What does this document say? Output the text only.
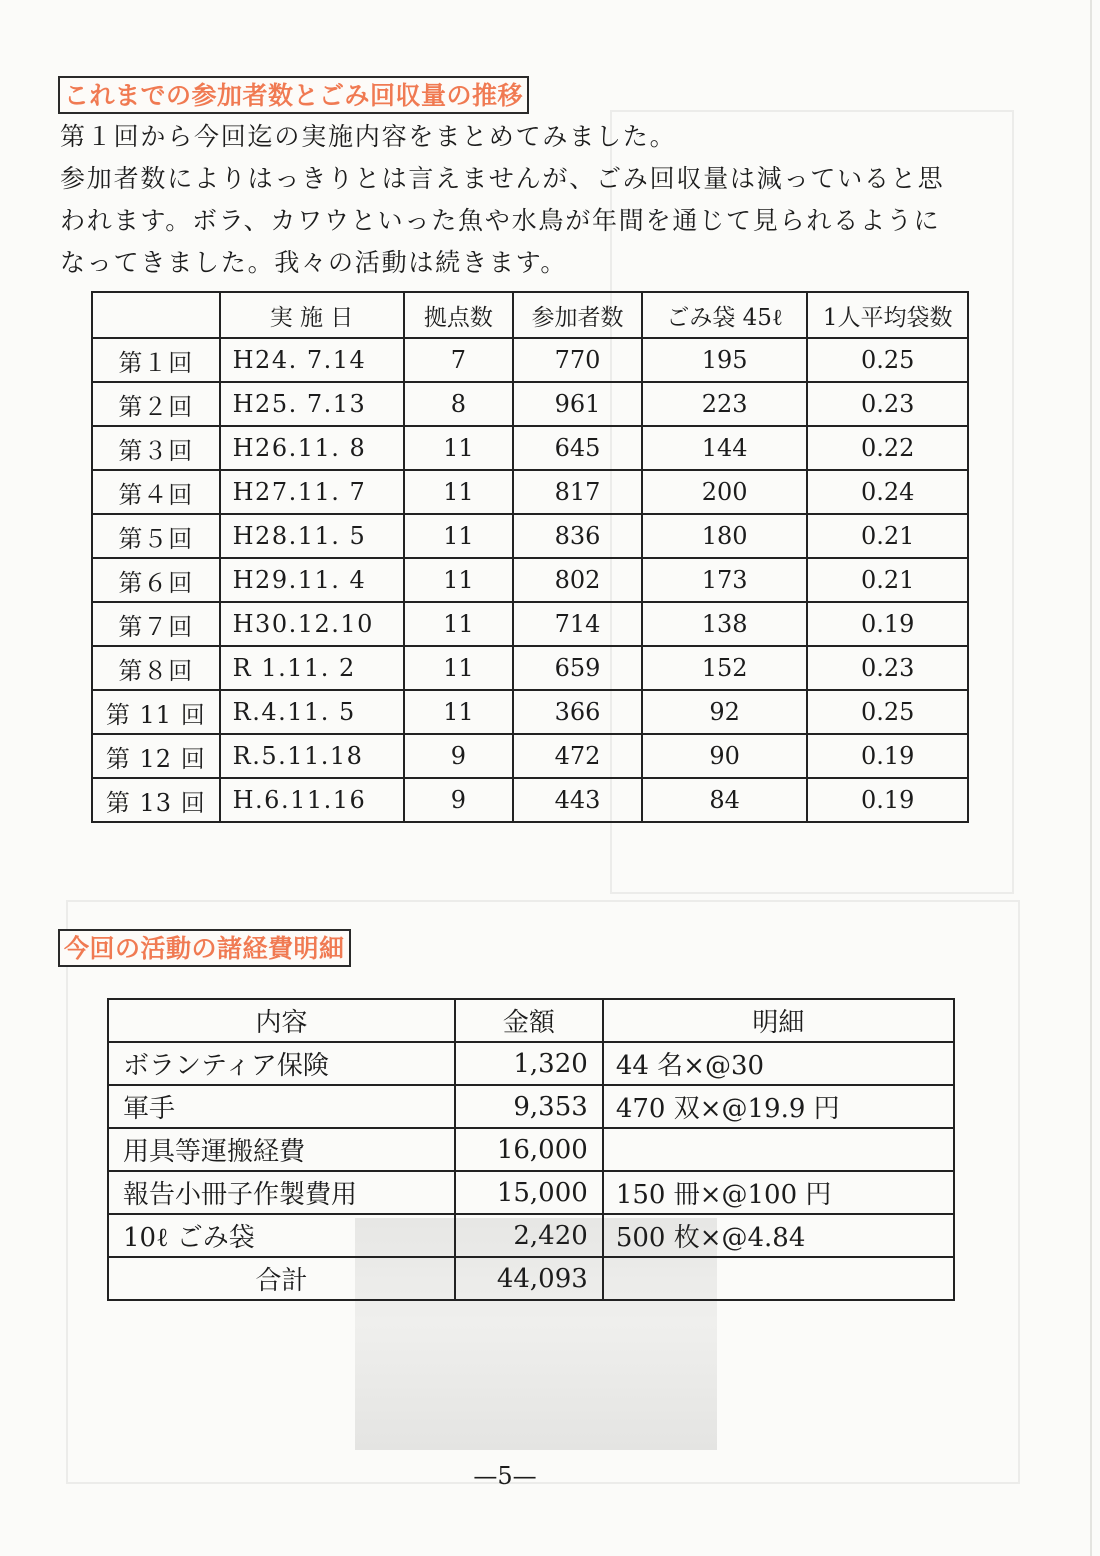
これまでの参加者数とごみ回収量の推移

第１回から今回迄の実施内容をまとめてみました。

参加者数によりはっきりとは言えませんが、ごみ回収量は減っていると思

われます。ボラ、カワウといった魚や水鳥が年間を通じて見られるように

なってきました。我々の活動は続きます。

	実 施 日	拠点数	参加者数	ごみ袋 45ℓ	1人平均袋数
第１回	H24. 7.14	7	770	195	0.25
第２回	H25. 7.13	8	961	223	0.23
第３回	H26.11. 8	11	645	144	0.22
第４回	H27.11. 7	11	817	200	0.24
第５回	H28.11. 5	11	836	180	0.21
第６回	H29.11. 4	11	802	173	0.21
第７回	H30.12.10	11	714	138	0.19
第８回	R 1.11. 2	11	659	152	0.23
第 11 回	R.4.11. 5	11	366	92	0.25
第 12 回	R.5.11.18	9	472	90	0.19
第 13 回	H.6.11.16	9	443	84	0.19
今回の活動の諸経費明細
内容	金額	明細
ボランティア保険	1,320	44 名×@30
軍手	9,353	470 双×@19.9 円
用具等運搬経費	16,000	
報告小冊子作製費用	15,000	150 冊×@100 円
10ℓ ごみ袋	2,420	500 枚×@4.84
合計	44,093	
—5—
